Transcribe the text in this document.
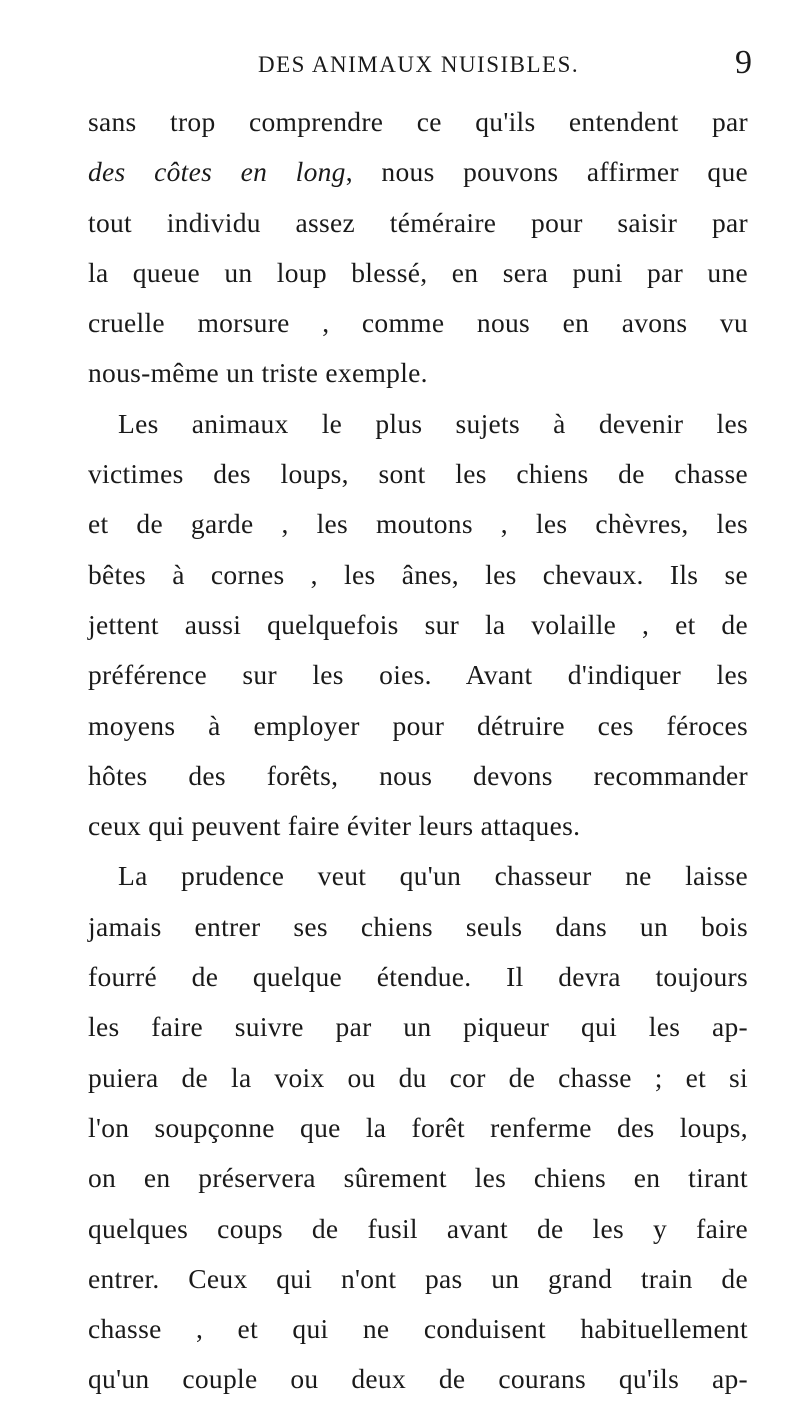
DES ANIMAUX NUISIBLES.	9
sans trop comprendre ce qu'ils entendent par
des côtes en long, nous pouvons affirmer que
tout individu assez téméraire pour saisir par
la queue un loup blessé, en sera puni par une
cruelle morsure , comme nous en avons vu
nous-même un triste exemple.
Les animaux le plus sujets à devenir les
victimes des loups, sont les chiens de chasse
et de garde , les moutons , les chèvres, les
bêtes à cornes , les ânes, les chevaux. Ils se
jettent aussi quelquefois sur la volaille , et de
préférence sur les oies. Avant d'indiquer les
moyens à employer pour détruire ces féroces
hôtes des forêts, nous devons recommander
ceux qui peuvent faire éviter leurs attaques.
La prudence veut qu'un chasseur ne laisse
jamais entrer ses chiens seuls dans un bois
fourré de quelque étendue. Il devra toujours
les faire suivre par un piqueur qui les ap-
puiera de la voix ou du cor de chasse ; et si
l'on soupçonne que la forêt renferme des loups,
on en préservera sûrement les chiens en tirant
quelques coups de fusil avant de les y faire
entrer. Ceux qui n'ont pas un grand train de
chasse , et qui ne conduisent habituellement
qu'un couple ou deux de courans qu'ils ap-
